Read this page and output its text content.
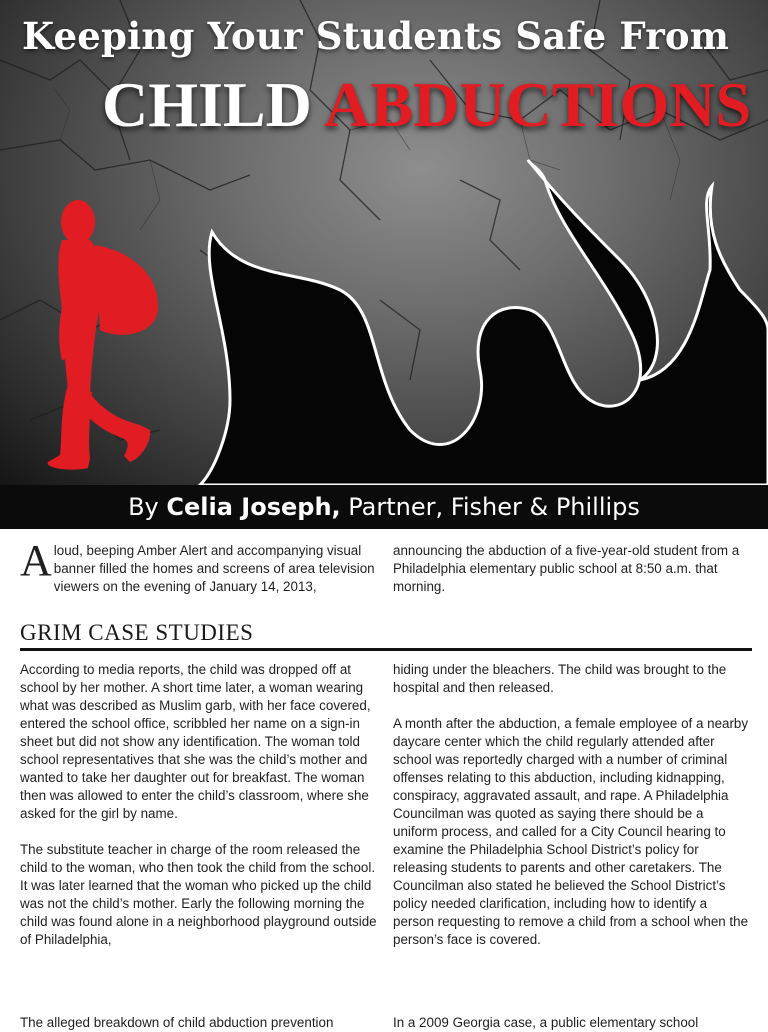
Keeping Your Students Safe From
CHILD ABDUCTIONS
By Celia Joseph, Partner, Fisher & Phillips
Aloud, beeping Amber Alert and accompanying visual banner filled the homes and screens of area television viewers on the evening of January 14, 2013,
announcing the abduction of a five-year-old student from a Philadelphia elementary public school at 8:50 a.m. that morning.
GRIM CASE STUDIES

According to media reports, the child was dropped off at school by her mother. A short time later, a woman wearing what was described as Muslim garb, with her face covered, entered the school office, scribbled her name on a sign-in sheet but did not show any identification. The woman told school representatives that she was the child’s mother and wanted to take her daughter out for breakfast. The woman then was allowed to enter the child’s classroom, where she asked for the girl by name.

The substitute teacher in charge of the room released the child to the woman, who then took the child from the school. It was later learned that the woman who picked up the child was not the child’s mother. Early the following morning the child was found alone in a neighborhood playground outside of Philadelphia,

hiding under the bleachers. The child was brought to the hospital and then released.

A month after the abduction, a female employee of a nearby daycare center which the child regularly attended after school was reportedly charged with a number of criminal offenses relating to this abduction, including kidnapping, conspiracy, aggravated assault, and rape. A Philadelphia Councilman was quoted as saying there should be a uniform process, and called for a City Council hearing to examine the Philadelphia School District’s policy for releasing students to parents and other caretakers. The Councilman also stated he believed the School District’s policy needed clarification, including how to identify a person requesting to remove a child from a school when the person’s face is covered.

The alleged breakdown of child abduction prevention	In a 2009 Georgia case, a public elementary school
